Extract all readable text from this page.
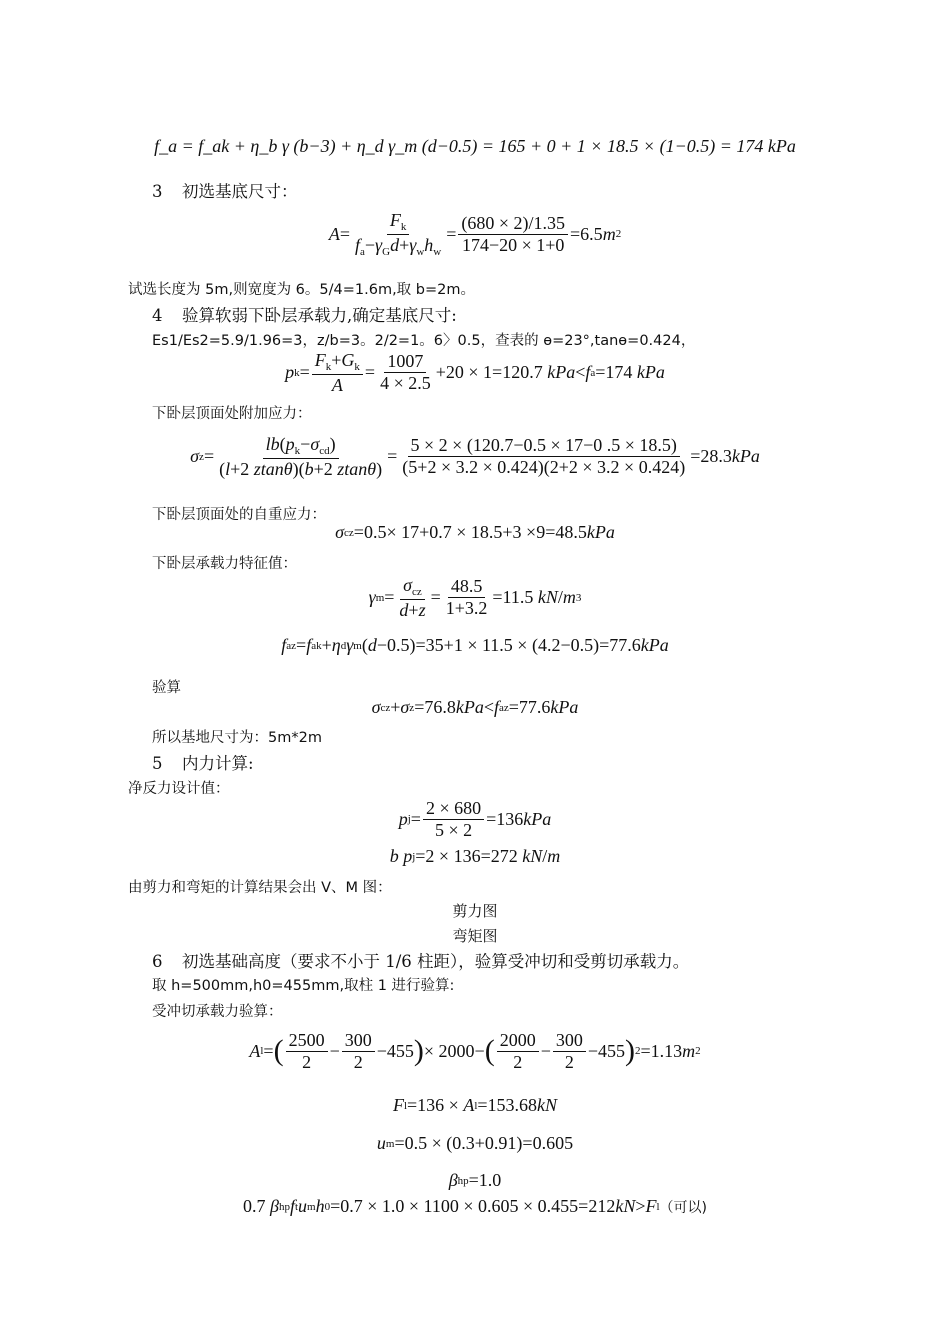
f_a = f_ak + η_b γ (b−3) + η_d γ_m (d−0.5) = 165 + 0 + 1 × 18.5 × (1−0.5) = 174 kPa
3 初选基底尺寸：
$A = \frac{F_k}{f_a-\gamma_Gd+\gamma_wh_w} = \frac{(680 \times 2)/1.35}{174-20 \times 1+0} =6.5$ m 2
试选长度为 5m,则宽度为 6。5/4=1.6m,取 b=2m。
4 验算软弱下卧层承载力,确定基底尺寸:
Es1/Es2=5.9/1.96=3，z/b=3。2/2=1。6〉0.5，查表的 ɵ=23°,tanɵ=0.424，
p $k = \frac{F_k+G_k}{A} = \frac{1007}{4 \times 2.5} +20 \times 1=120.7$
kPa < f a =174
kPa
下卧层顶面处附加应力：
σ $z = \frac{lb(p_k-\sigma_{cd})}{(l+2 ztan\theta)(b+2 ztan\theta)} = \frac{5 \times 2 \times (120.7-0.5 \times 17-0 .5 \times 18.5)}{(5+2 \times 3.2 \times 0.424)(2+2 \times 3.2 \times 0.424)} =28.3$ kPa
下卧层顶面处的自重应力：
σ cz =0.5× 17+0.7 × 18.5+3 ×9=48.5 kPa
下卧层承载力特征值：
γ $m = \frac{\sigma_{cz}}{d+z} = \frac{48.5}{1+3.2} =11.5$
kN / m 3
f az = f ak + η d γ m ( d −0.5) =35+1 × 11.5 × (4.2−0.5)=77.6 kPa
验算
σ cz + σ z =76.8 kPa < f az =77.6 kPa
所以基地尺寸为：5m*2m
5 内力计算:
净反力设计值：
p $j = \frac{2 \times 680}{5 \times 2} =136$ kPa
b p j =2 × 136=272
kN / m
由剪力和弯矩的计算结果会出 V、M 图：
剪力图
弯矩图
6 初选基础高度（要求不小于 1/6 柱距），验算受冲切和受剪切承载力。
取 h=500mm,h0=455mm,取柱 1 进行验算:
受冲切承载力验算：
A l = ( $\frac{2500}{2} - \frac{300}{2} -455$ ) × 2000− ( $\frac{2000}{2} - \frac{300}{2} -455$ ) 2 =1.13 m 2
F l =136 ×
A l =153.68 kN
u m =0.5 × (0.3+0.91)=0.605
β hp =1.0
0.7
β hp f t u m h 0 =0.7 × 1.0 × 1100 × 0.605 × 0.455=212 kN > F l （可以)
